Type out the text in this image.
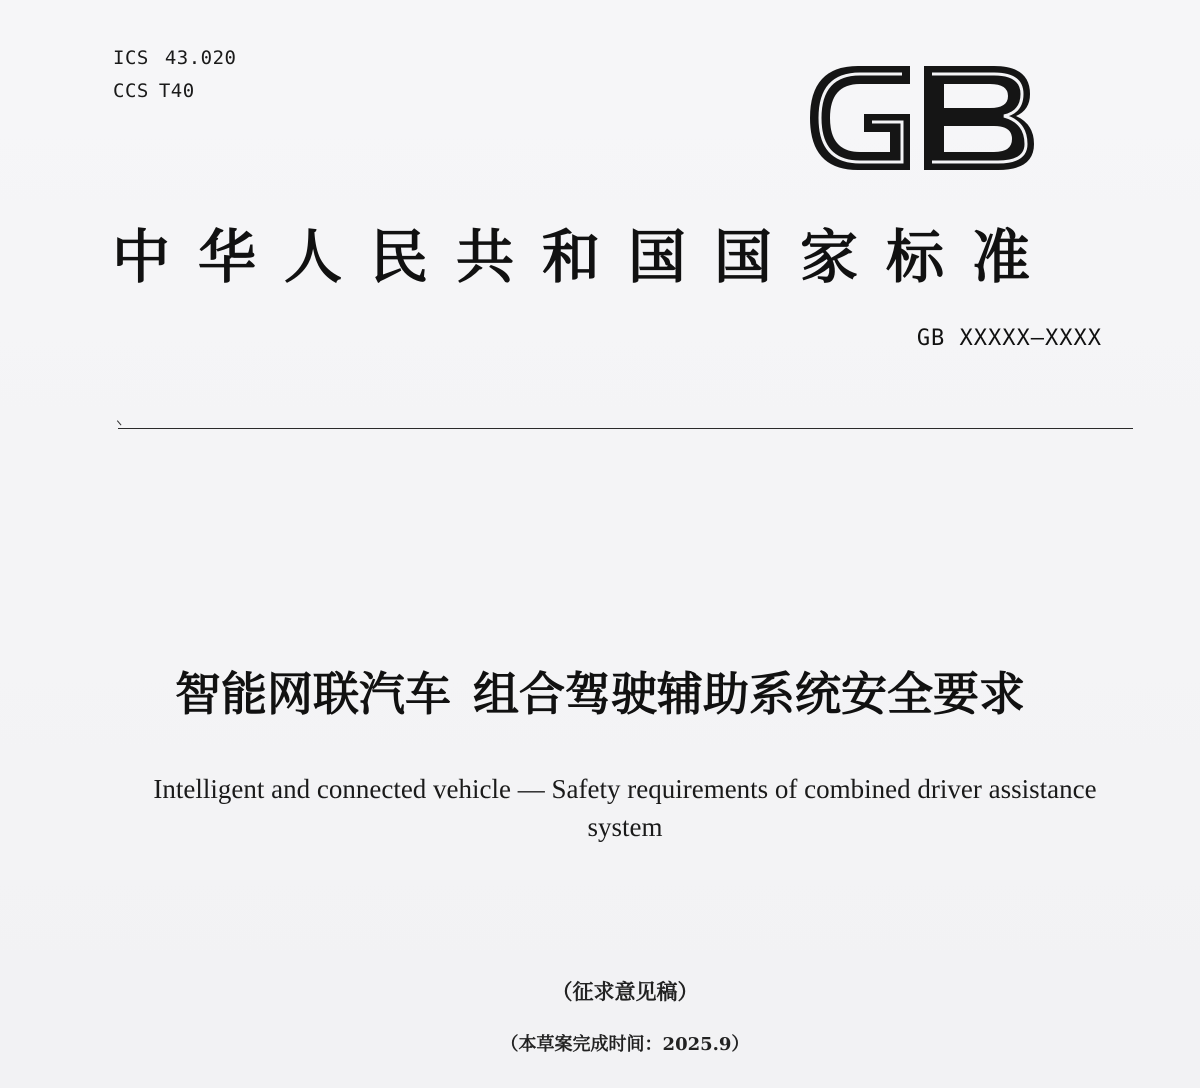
ICS 43.020
CCS T40
中华人民共和国国家标准
GB XXXXX—XXXX
智能网联汽车 组合驾驶辅助系统安全要求
Intelligent and connected vehicle — Safety requirements of combined driver assistance system
（征求意见稿）
（本草案完成时间：2025.9）
